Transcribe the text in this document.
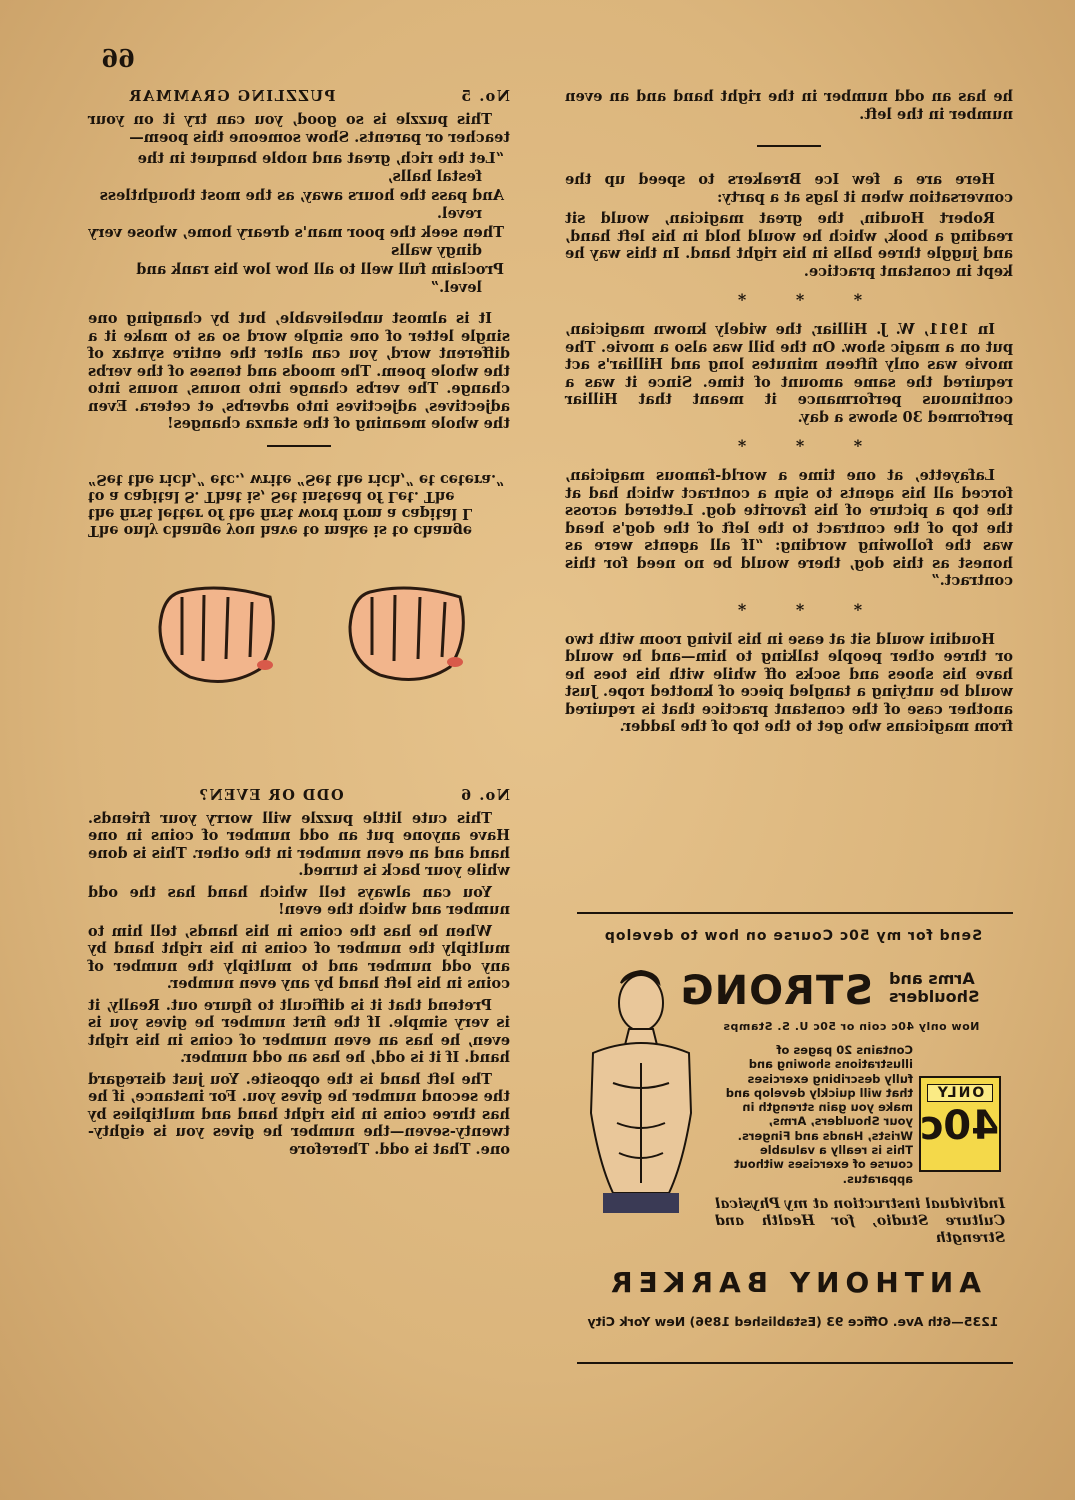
66
No. 5
PUZZLING GRAMMAR

This puzzle is so good, you can try it on your teacher or parents. Show someone this poem—

“Let the rich, great and noble banquet in the festal halls,
And pass the hours away, as the most thoughtless revel.
Then seek the poor man's dreary home, whose very dingy walls
Proclaim full well to all how low his rank and level.”

It is almost unbelievable, but by changing one single letter of one single word so as to make it a different word, you can alter the entire syntax of the whole poem. The moods and tenses of the verbs change. The verbs change into nouns, nouns into adjectives, adjectives into adverbs, et cetera. Even the whole meaning of the stanza changes!

The only change you have to make is to change

the first letter of the first word from a capital L

to a capital S. That is, Set instead of Let. The

“Set the rich,” etc., write “Set the rich,” et cetera.”

No. 6
ODD OR EVEN?

This cute little puzzle will worry your friends. Have anyone put an odd number of coins in one hand and an even number in the other. This is done while your back is turned.

You can always tell which hand has the odd number and which the even!

When he has the coins in his hands, tell him to multiply the number of coins in his right hand by any odd number and to multiply the number of coins in his left hand by any even number.

Pretend that it is difficult to figure out. Really, it is very simple. If the first number he gives you is even, he has an even number of coins in his right hand. If it is odd, he has an odd number.

The left hand is the opposite. You just disregard the second number he gives you. For instance, if he has three coins in his right hand and multiplies by twenty-seven—the number he gives you is eighty-one. That is odd. Therefore

he has an odd number in the right hand and an even number in the left.

Here are a few Ice Breakers to speed up the conversation when it lags at a party:

Robert Houdin, the great magician, would sit reading a book, which he would hold in his left hand, and juggle three balls in his right hand. In this way he kept in constant practice.

* * *

In 1911, W. J. Hilliar, the widely known magician, put on a magic show. On the bill was also a movie. The movie was only fifteen minutes long and Hilliar's act required the same amount of time. Since it was a continuous performance it meant that Hilliar performed 30 shows a day.

* * *

Lafayette, at one time a world-famous magician, forced all his agents to sign a contract which had at the top a picture of his favorite dog. Lettered across the top of the contract to the left of the dog's head was the following wording: “If all agents were as honest as this dog, there would be no need for this contract.”

* * *

Houdini would sit at ease in his living room with two or three other people talking to him—and he would have his shoes and socks off while with his toes he would be untying a tangled piece of knotted rope. Just another case of the constant practice that is required from magicians who get to the top of the ladder.

Send for my 50c Course on how to develop
STRONG Arms and
Shoulders
Now only 40c coin or 50c U. S. Stamps
Contains 20 pages of illustrations showing and fully describing exercises that will quickly develop and make you gain strength in your Shoulders, Arms, Wrists, Hands and Fingers. This is really a valuable course of exercises without apparatus.
ONLY
40c
Individual instruction at my Physical Culture Studio, for Health and Strength
ANTHONY BARKER
1235—6th Ave. Office 93 (Established 1896) New York City
